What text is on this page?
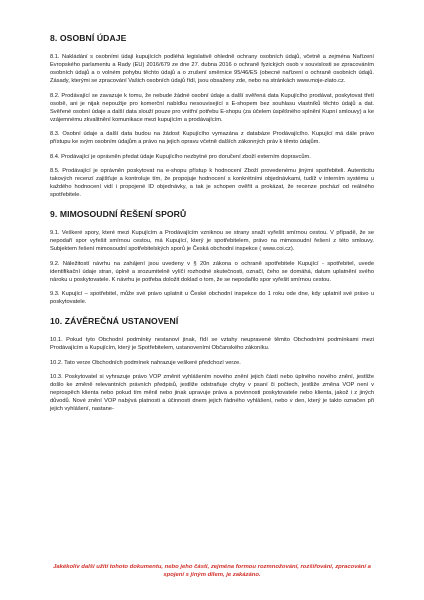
8. OSOBNÍ ÚDAJE

8.1. Nakládání s osobními údaji kupujících podléhá legislativě ohledně ochrany osobních údajů, včetně a zejména Nařízení Evropského parlamentu a Rady (EU) 2016/679 ze dne 27. dubna 2016 o ochraně fyzických osob v souvislosti se zpracováním osobních údajů a o volném pohybu těchto údajů a o zrušení směrnice 95/46/ES (obecné nařízení o ochraně osobních údajů. Zásady, kterými se zpracování Vašich osobních údajů řídí, jsou obsaženy zde, nebo na stránkách www.moje-zlato.cz.

8.2. Prodávající se zavazuje k tomu, že nebude žádné osobní údaje a další svěřená data Kupujícího prodávat, poskytovat třetí osobě, ani je nijak nepoužije pro komerční nabídku nesouvisející s E-shopem bez souhlasu vlastníků těchto údajů a dat. Svěřené osobní údaje a další data slouží pouze pro vnitřní potřebu E-shopu (za účelem úspěšného splnění Kupní smlouvy) a ke vzájemnému zkvalitnění komunikace mezi kupujícím a prodávajícím.

8.3. Osobní údaje a další data budou na žádost Kupujícího vymazána z databáze Prodávajícího. Kupující má dále právo přístupu ke svým osobním údajům a právo na jejich opravu včetně dalších zákonných práv k těmto údajům.

8.4. Prodávající je oprávněn předat údaje Kupujícího nezbytné pro doručení zboží externím dopravcům.

8.5. Prodávající je oprávněn poskytovat na e-shopu přístup k hodnocení Zboží provedenému jinými spotřebiteli. Autenticitu takových recenzí zajišťuje a kontroluje tím, že propojuje hodnocení s konkrétními objednávkami, tudíž v interním systému u každého hodnocení vidí i propojené ID objednávky, a tak je schopen ověřit a prokázat, že recenze pochází od reálného spotřebitele.

9. MIMOSOUDNÍ ŘEŠENÍ SPORŮ

9.1. Veškeré spory, které mezi Kupujícím a Prodávajícím vzniknou se strany snaží vyřešit smírnou cestou. V případě, že se nepodaří spor vyřešit smírnou cestou, má Kupující, který je spotřebitelem, právo na mimosoudní řešení z této smlouvy. Subjektem řešení mimosoudní spotřebitelských sporů je Česká obchodní inspekce ( www.coi.cz).

9.2. Náležitostí návrhu na zahájení jsou uvedeny v § 20n zákona o ochraně spotřebitele Kupující - spotřebitel, uvede identifikační údaje stran, úplně a srozumitelně vylíčí rozhodné skutečnosti, označí, čeho se domáhá, datum uplatnění svého nároku u poskytovatele. K návrhu je potřeba doložit doklad o tom, že se nepodařilo spor vyřešit smírnou cestou.

9.3. Kupující – spotřebitel, může své právo uplatnit u České obchodní inspekce do 1 roku ode dne, kdy uplatnil své právo u poskytovatele.

10. ZÁVĚREČNÁ USTANOVENÍ

10.1. Pokud tyto Obchodní podmínky nestanoví jinak, řídí se vztahy neupravené těmito Obchodními podmínkami mezi Prodávajícím a Kupujícím, který je Spotřebitelem, ustanoveními Občanského zákoníku.

10.2. Tato verze Obchodních podmínek nahrazuje veškeré předchozí verze.

10.3. Poskytovatel si vyhrazuje právo VOP změnit vyhlášením nového znění jejich částí nebo úplného nového znění, jestliže došlo ke změně relevantních právních předpisů, jestliže odstraňuje chyby v psaní či počtech, jestliže změna VOP není v neprospěch klienta nebo pokud tím měnil nebo jinak upravuje práva a povinnosti poskytovatele nebo klienta, jakož i z jiných důvodů. Nové znění VOP nabývá platnosti a účinnosti dnem jejich řádného vyhlášení, nebo v den, který je takto označen při jejich vyhlášení, nastane-

Jakékoliv další užití tohoto dokumentu, nebo jeho částí, zejména formou rozmnožování, rozšiřování, zpracování a spojení s jiným dílem, je zakázáno.
